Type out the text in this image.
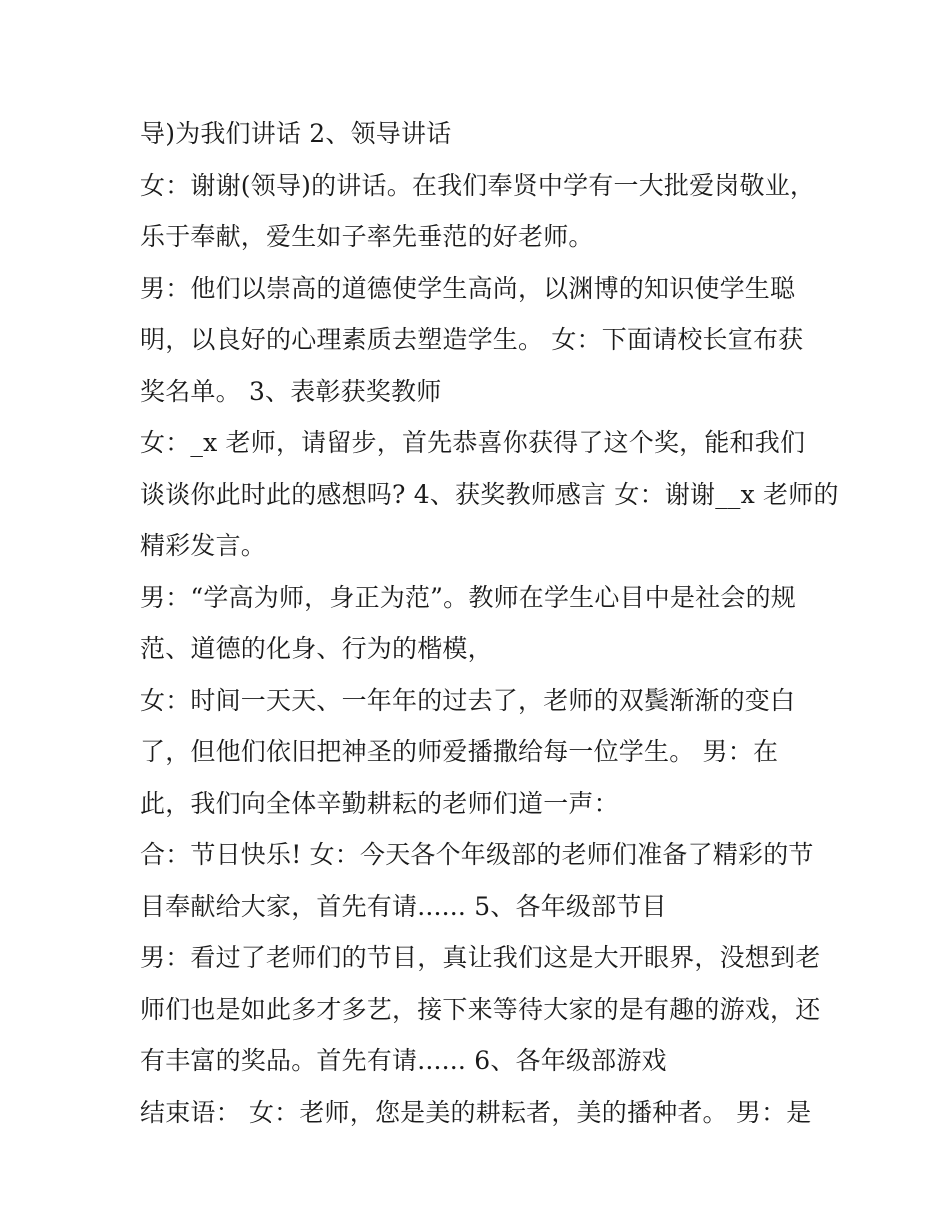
导)为我们讲话 2、领导讲话
女：谢谢(领导)的讲话。在我们奉贤中学有一大批爱岗敬业，
乐于奉献，爱生如子率先垂范的好老师。
男：他们以崇高的道德使学生高尚，以渊博的知识使学生聪
明，以良好的心理素质去塑造学生。 女：下面请校长宣布获
奖名单。 3、表彰获奖教师
女：_x 老师，请留步，首先恭喜你获得了这个奖，能和我们
谈谈你此时此的感想吗? 4、获奖教师感言 女：谢谢__x 老师的
精彩发言。
男：“学高为师，身正为范”。教师在学生心目中是社会的规
范、道德的化身、行为的楷模，
女：时间一天天、一年年的过去了，老师的双鬓渐渐的变白
了，但他们依旧把神圣的师爱播撒给每一位学生。 男：在
此，我们向全体辛勤耕耘的老师们道一声：
合：节日快乐! 女：今天各个年级部的老师们准备了精彩的节
目奉献给大家，首先有请...... 5、各年级部节目
男：看过了老师们的节目，真让我们这是大开眼界，没想到老
师们也是如此多才多艺，接下来等待大家的是有趣的游戏，还
有丰富的奖品。首先有请...... 6、各年级部游戏
结束语： 女：老师，您是美的耕耘者，美的播种者。 男：是
